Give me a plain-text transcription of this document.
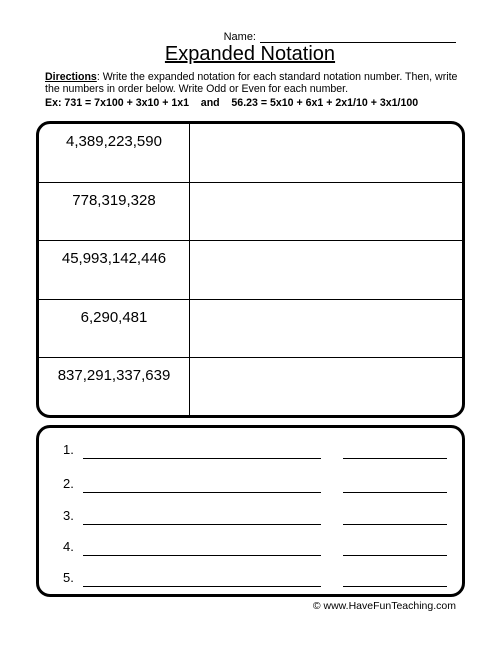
Name:
Expanded Notation
Directions: Write the expanded notation for each standard notation number. Then, write the numbers in order below. Write Odd or Even for each number.
Ex: 731 = 7x100 + 3x10 + 1x1    and    56.23 = 5x10 + 6x1 + 2x1/10 + 3x1/100
4,389,223,590
778,319,328
45,993,142,446
6,290,481
837,291,337,639
1.
2.
3.
4.
5.
© www.HaveFunTeaching.com
